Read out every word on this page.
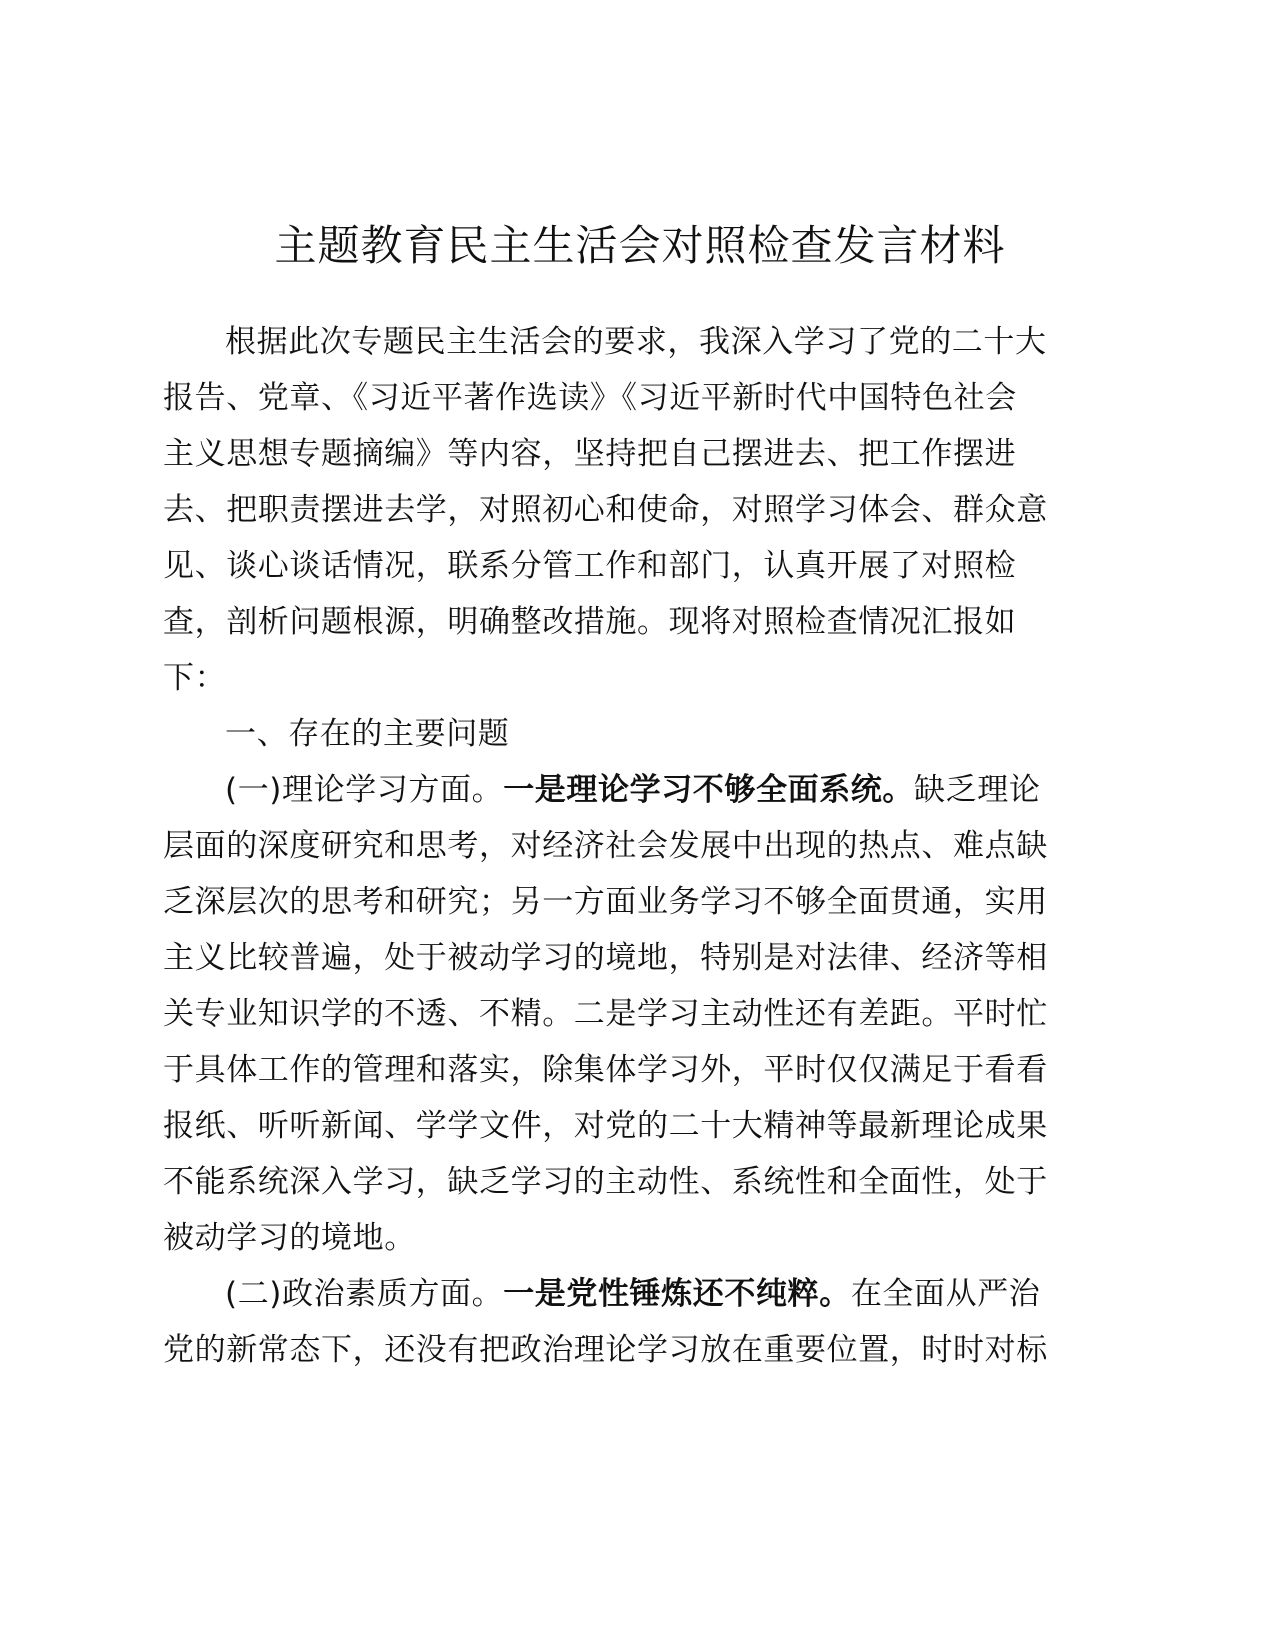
主题教育民主生活会对照检查发言材料
根据此次专题民主生活会的要求，我深入学习了党的二十大
报告、党章、《习近平著作选读》《习近平新时代中国特色社会
主义思想专题摘编》等内容，坚持把自己摆进去、把工作摆进
去、把职责摆进去学，对照初心和使命，对照学习体会、群众意
见、谈心谈话情况，联系分管工作和部门，认真开展了对照检
查，剖析问题根源，明确整改措施。现将对照检查情况汇报如
下：
一、存在的主要问题
(一)理论学习方面。一是理论学习不够全面系统。缺乏理论
层面的深度研究和思考，对经济社会发展中出现的热点、难点缺
乏深层次的思考和研究；另一方面业务学习不够全面贯通，实用
主义比较普遍，处于被动学习的境地，特别是对法律、经济等相
关专业知识学的不透、不精。二是学习主动性还有差距。平时忙
于具体工作的管理和落实，除集体学习外，平时仅仅满足于看看
报纸、听听新闻、学学文件，对党的二十大精神等最新理论成果
不能系统深入学习，缺乏学习的主动性、系统性和全面性，处于
被动学习的境地。
(二)政治素质方面。一是党性锤炼还不纯粹。在全面从严治
党的新常态下，还没有把政治理论学习放在重要位置，时时对标
